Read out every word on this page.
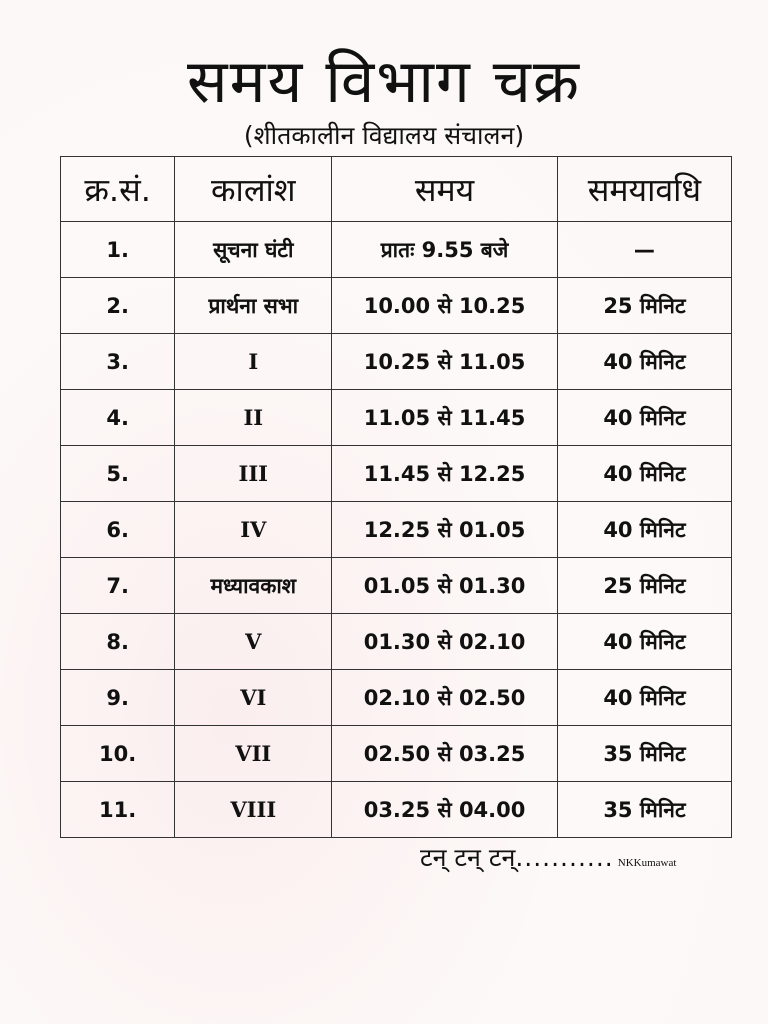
समय विभाग चक्र
(शीतकालीन विद्यालय संचालन)
क्र.सं.	कालांश	समय	समयावधि
1.	सूचना घंटी	प्रातः 9.55 बजे	—
2.	प्रार्थना सभा	10.00 से 10.25	25 मिनिट
3.	I	10.25 से 11.05	40 मिनिट
4.	II	11.05 से 11.45	40 मिनिट
5.	III	11.45 से 12.25	40 मिनिट
6.	IV	12.25 से 01.05	40 मिनिट
7.	मध्यावकाश	01.05 से 01.30	25 मिनिट
8.	V	01.30 से 02.10	40 मिनिट
9.	VI	02.10 से 02.50	40 मिनिट
10.	VII	02.50 से 03.25	35 मिनिट
11.	VIII	03.25 से 04.00	35 मिनिट
टन् टन् टन्........... NKKumawat
